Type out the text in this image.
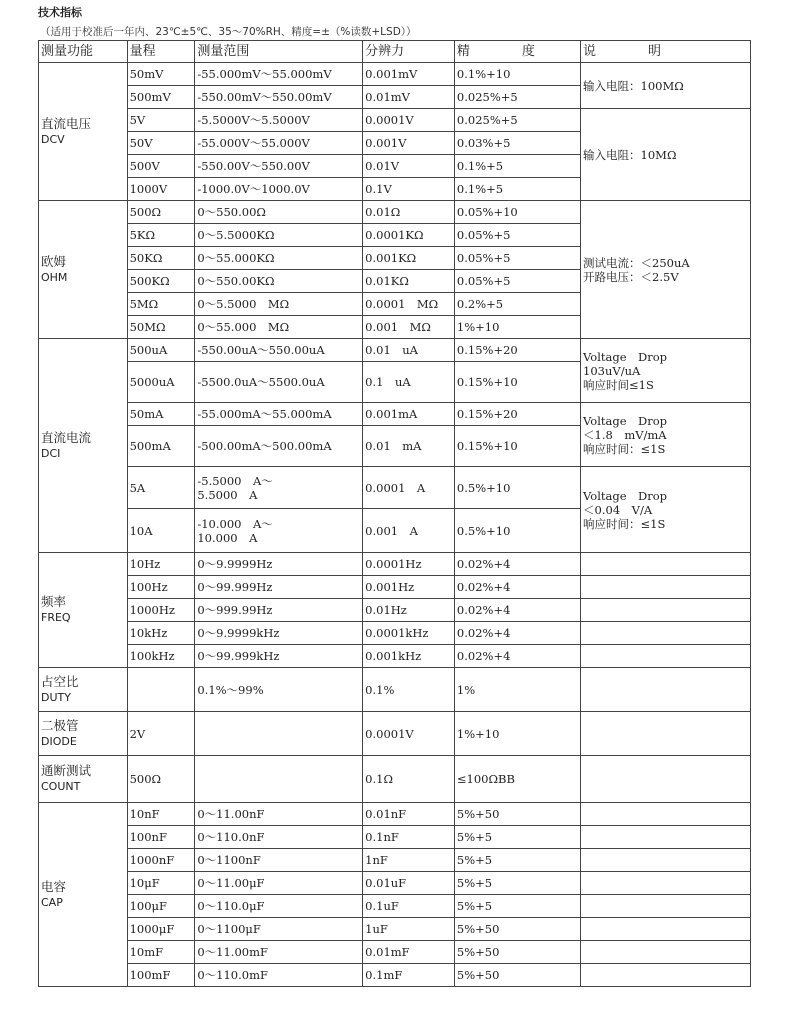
技术指标
（适用于校准后一年内、23℃±5℃、35～70%RH、精度=±（%读数+LSD））
测量功能	量程	测量范围	分辨力	精　　　　度	说　　　　明
直流电压
DCV	50mV	-55.000mV～55.000mV	0.001mV	0.1%+10	输入电阻：100MΩ
	500mV	-550.00mV～550.00mV	0.01mV	0.025%+5	
	5V	-5.5000V～5.5000V	0.0001V	0.025%+5	输入电阻：10MΩ
	50V	-55.000V～55.000V	0.001V	0.03%+5	
	500V	-550.00V～550.00V	0.01V	0.1%+5	
	1000V	-1000.0V～1000.0V	0.1V	0.1%+5	
欧姆
OHM	500Ω	0～550.00Ω	0.01Ω	0.05%+10	测试电流：＜250uA
开路电压：＜2.5V
	5KΩ	0～5.5000KΩ	0.0001KΩ	0.05%+5	
	50KΩ	0～55.000KΩ	0.001KΩ	0.05%+5	
	500KΩ	0～550.00KΩ	0.01KΩ	0.05%+5	
	5MΩ	0～5.5000　MΩ	0.0001　MΩ	0.2%+5	
	50MΩ	0～55.000　MΩ	0.001　MΩ	1%+10	
直流电流
DCI	500uA	-550.00uA～550.00uA	0.01　uA	0.15%+20	Voltage　Drop
103uV/uA
响应时间≤1S
	5000uA	-5500.0uA～5500.0uA	0.1　uA	0.15%+10	
	50mA	-55.000mA～55.000mA	0.001mA	0.15%+20	Voltage　Drop
＜1.8　mV/mA
响应时间：≤1S
	500mA	-500.00mA～500.00mA	0.01　mA	0.15%+10	
	5A	-5.5000　A～
5.5000　A	0.0001　A	0.5%+10	Voltage　Drop
＜0.04　V/A
响应时间：≤1S
	10A	-10.000　A～
10.000　A	0.001　A	0.5%+10	
频率
FREQ	10Hz	0～9.9999Hz	0.0001Hz	0.02%+4	
	100Hz	0～99.999Hz	0.001Hz	0.02%+4	
	1000Hz	0～999.99Hz	0.01Hz	0.02%+4	
	10kHz	0～9.9999kHz	0.0001kHz	0.02%+4	
	100kHz	0～99.999kHz	0.001kHz	0.02%+4	
占空比
DUTY		0.1%～99%	0.1%	1%	
二极管
DIODE	2V		0.0001V	1%+10	
通断测试
COUNT	500Ω		0.1Ω	≤100ΩBB	
电容
CAP	10nF	0～11.00nF	0.01nF	5%+50	
	100nF	0～110.0nF	0.1nF	5%+5	
	1000nF	0～1100nF	1nF	5%+5	
	10μF	0～11.00μF	0.01uF	5%+5	
	100μF	0～110.0μF	0.1uF	5%+5	
	1000μF	0～1100μF	1uF	5%+50	
	10mF	0～11.00mF	0.01mF	5%+50	
	100mF	0～110.0mF	0.1mF	5%+50	
